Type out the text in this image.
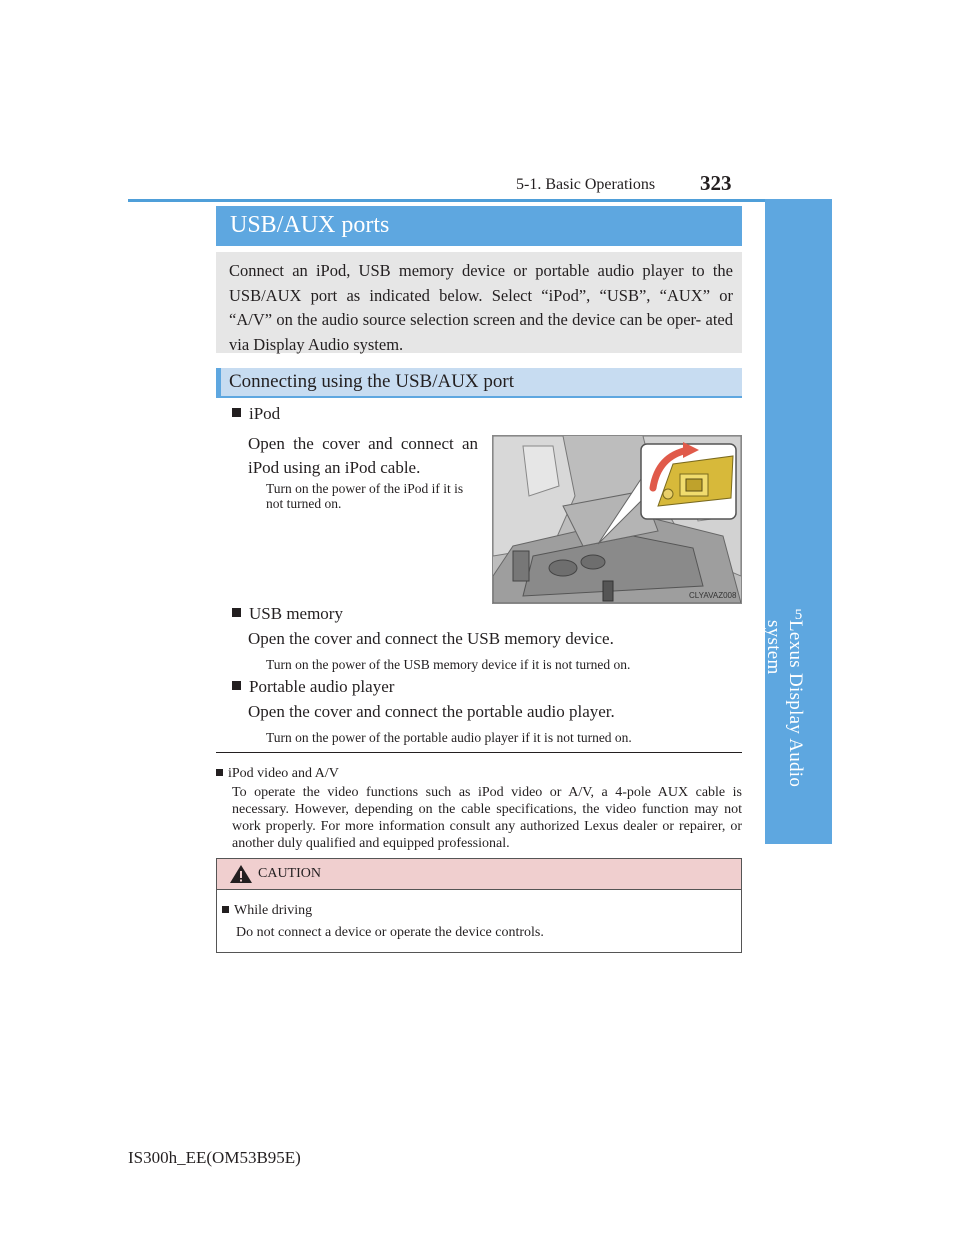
5-1. Basic Operations 323
5
Lexus Display Audio system
USB/AUX ports
Connect an iPod, USB memory device or portable audio player to the USB/AUX port as indicated below. Select “iPod”, “USB”, “AUX” or “A/V” on the audio source selection screen and the device can be oper- ated via Display Audio system.
Connecting using the USB/AUX port
iPod
Open the cover and connect an iPod using an iPod cable.
Turn on the power of the iPod if it is not turned on.
CLYAVAZ008
USB memory
Open the cover and connect the USB memory device.
Turn on the power of the USB memory device if it is not turned on.
Portable audio player
Open the cover and connect the portable audio player.
Turn on the power of the portable audio player if it is not turned on.
iPod video and A/V
To operate the video functions such as iPod video or A/V, a 4-pole AUX cable is necessary. However, depending on the cable specifications, the video function may not work properly. For more information consult any authorized Lexus dealer or repairer, or another duly qualified and equipped professional.
CAUTION
While driving
Do not connect a device or operate the device controls.
IS300h_EE(OM53B95E)
